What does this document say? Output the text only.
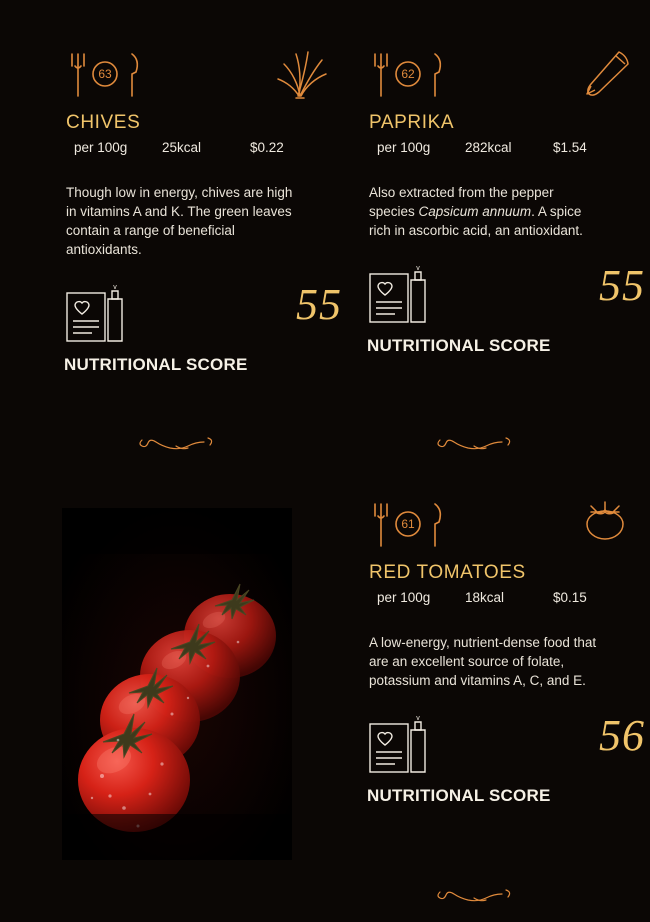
63
CHIVES
per 100g	25kcal	$0.22
Though low in energy, chives are high in vitamins A and K. The green leaves contain a range of beneficial antioxidants.
v	55
NUTRITIONAL SCORE
62
PAPRIKA
per 100g	282kcal	$1.54
Also extracted from the pepper species Capsicum annuum. A spice rich in ascorbic acid, an antioxidant.
v	55
NUTRITIONAL SCORE
61
RED TOMATOES
per 100g	18kcal	$0.15
A low-energy, nutrient-dense food that are an excellent source of folate, potassium and vitamins A, C, and E.
v	56
NUTRITIONAL SCORE
